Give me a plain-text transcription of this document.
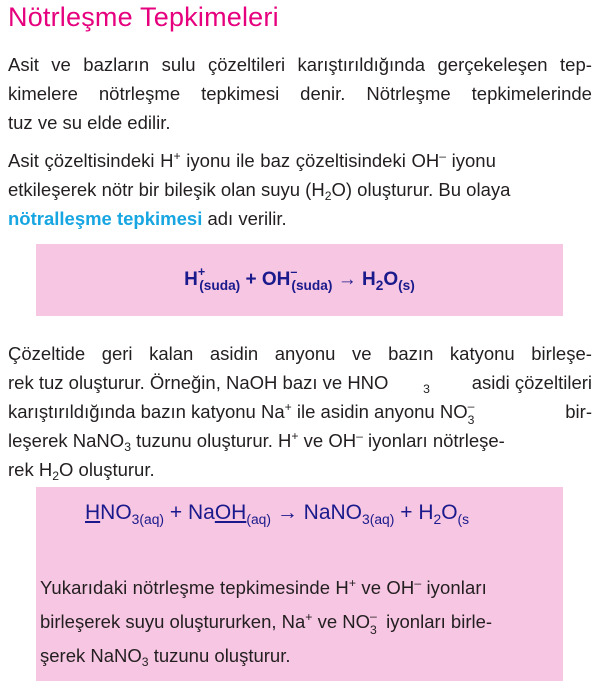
Nötrleşme Tepkimeleri
Asit ve bazların sulu çözeltileri karıştırıldığında gerçekeleşen tep-
kimelere nötrleşme tepkimesi denir. Nötrleşme tepkimelerinde
tuz ve su elde edilir.
Asit çözeltisindeki H+ iyonu ile baz çözeltisindeki OH– iyonu
etkileşerek nötr bir bileşik olan suyu $(H_2O)$ oluşturur. Bu olaya
nötralleşme tepkimesi adı verilir.
$H^+_{(suda)} + OH^-_{(suda)} \to H_2O_{(s)}$
Çözeltide geri kalan asidin anyonu ve bazın katyonu birleşe-
rek tuz oluşturur. Örneğin, NaOH bazı ve HNO	$_3$ asidi çözeltileri
karıştırıldığında bazın katyonu Na+ ile asidin anyonu NO –
3	bir-
leşerek NaNO$_3$ tuzunu oluşturur. H+ ve OH– iyonları nötrleşe-
rek $H_2O$ oluşturur.
$HNO_{3(aq)}$ + NaOH$_{(aq)}$ → NaNO$_{3(aq)}$ + $H_2O_{(s}$
Yukarıdaki nötrleşme tepkimesinde H+ ve OH– iyonları
birleşerek suyu oluştururken, Na+ ve NO –
3 iyonları birle-
şerek NaNO$_3$ tuzunu oluşturur.
